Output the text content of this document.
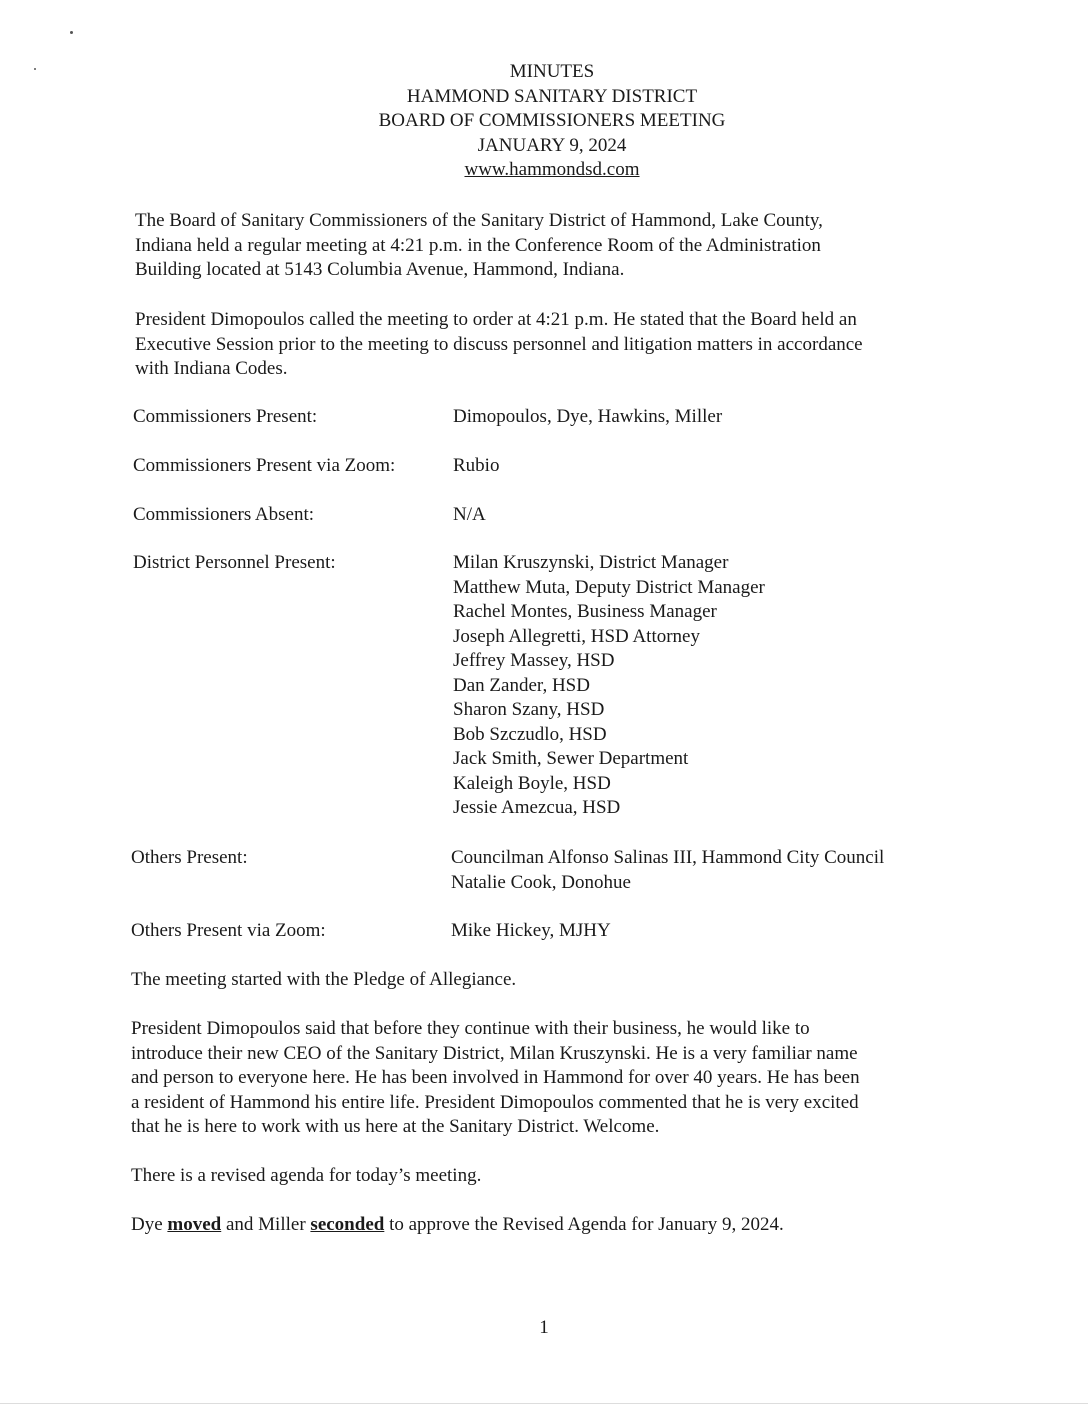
MINUTES
HAMMOND SANITARY DISTRICT
BOARD OF COMMISSIONERS MEETING
JANUARY 9, 2024
www.hammondsd.com
The Board of Sanitary Commissioners of the Sanitary District of Hammond, Lake County,
Indiana held a regular meeting at 4:21 p.m. in the Conference Room of the Administration
Building located at 5143 Columbia Avenue, Hammond, Indiana.
President Dimopoulos called the meeting to order at 4:21 p.m. He stated that the Board held an
Executive Session prior to the meeting to discuss personnel and litigation matters in accordance
with Indiana Codes.
Commissioners Present:	Dimopoulos, Dye, Hawkins, Miller
Commissioners Present via Zoom:	Rubio
Commissioners Absent:	N/A
District Personnel Present:	Milan Kruszynski, District Manager
Matthew Muta, Deputy District Manager
Rachel Montes, Business Manager
Joseph Allegretti, HSD Attorney
Jeffrey Massey, HSD
Dan Zander, HSD
Sharon Szany, HSD
Bob Szczudlo, HSD
Jack Smith, Sewer Department
Kaleigh Boyle, HSD
Jessie Amezcua, HSD
Others Present:	Councilman Alfonso Salinas III, Hammond City Council
Natalie Cook, Donohue
Others Present via Zoom:	Mike Hickey, MJHY
The meeting started with the Pledge of Allegiance.
President Dimopoulos said that before they continue with their business, he would like to
introduce their new CEO of the Sanitary District, Milan Kruszynski. He is a very familiar name
and person to everyone here. He has been involved in Hammond for over 40 years. He has been
a resident of Hammond his entire life. President Dimopoulos commented that he is very excited
that he is here to work with us here at the Sanitary District. Welcome.
There is a revised agenda for today’s meeting.
Dye moved and Miller seconded to approve the Revised Agenda for January 9, 2024.
1
